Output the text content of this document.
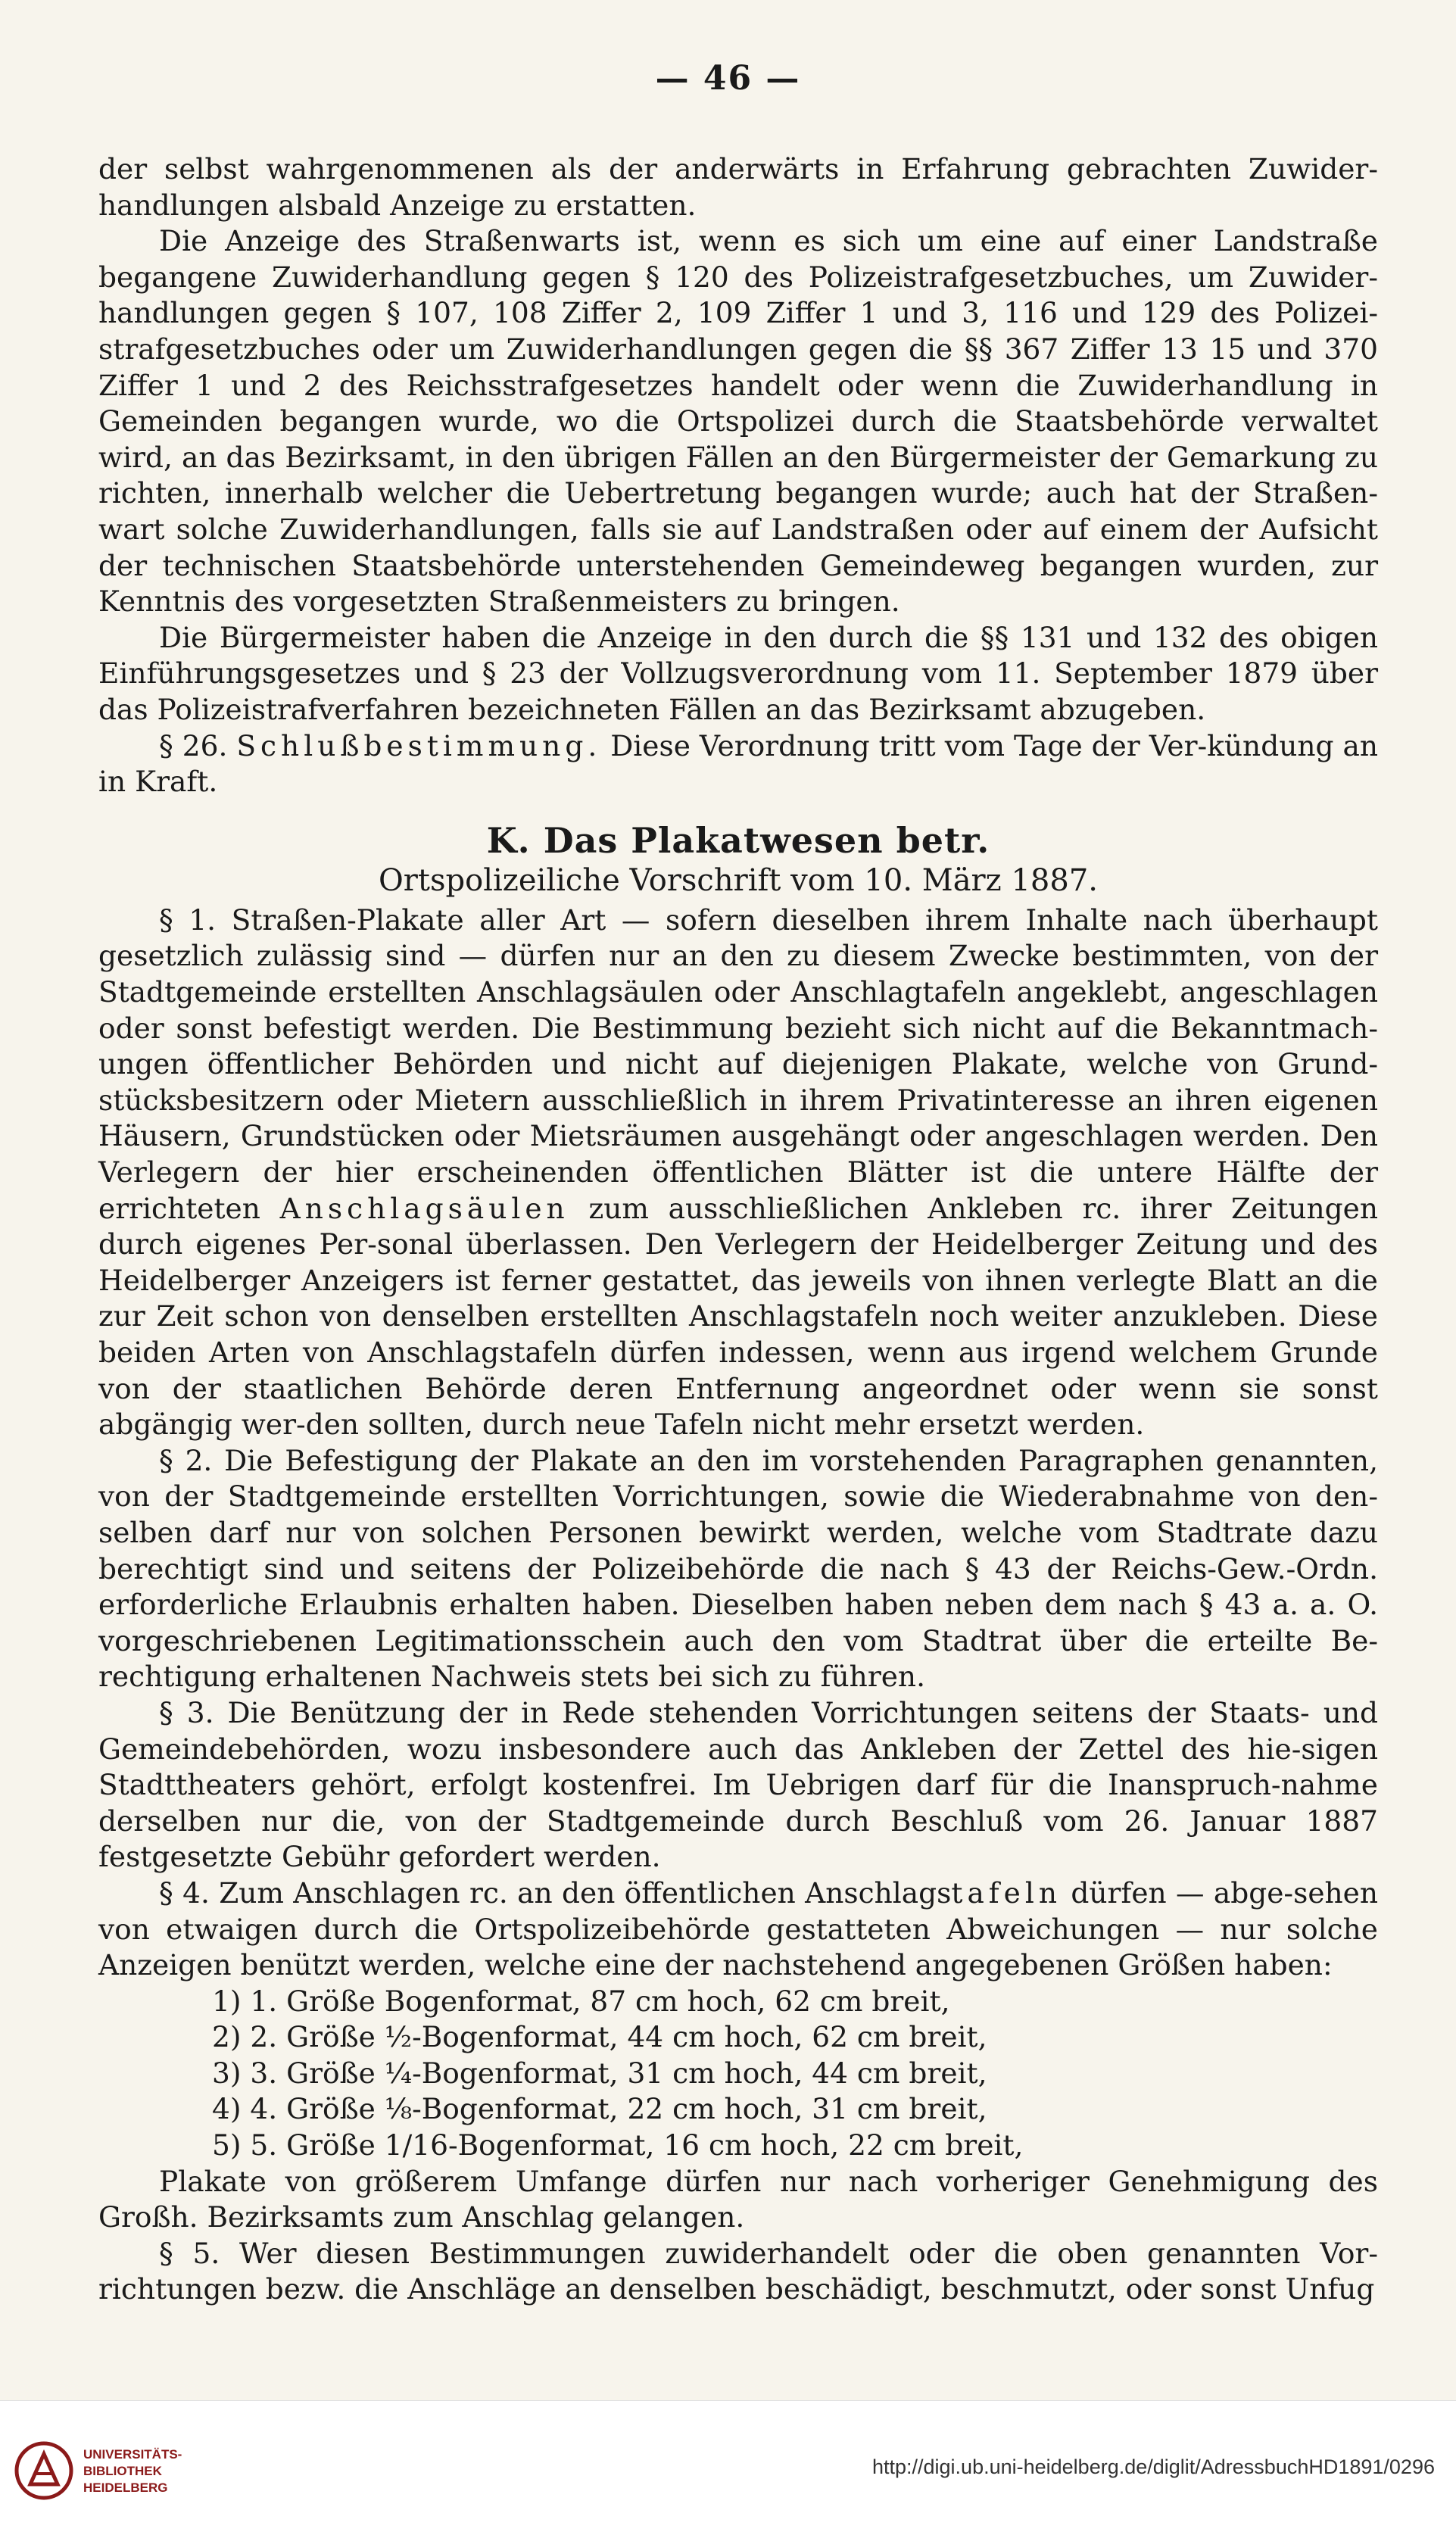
— 46 —

der selbst wahrgenommenen als der anderwärts in Erfahrung gebrachten Zuwider-handlungen alsbald Anzeige zu erstatten.

Die Anzeige des Straßenwarts ist, wenn es sich um eine auf einer Landstraße begangene Zuwiderhandlung gegen § 120 des Polizeistrafgesetzbuches, um Zuwider-handlungen gegen § 107, 108 Ziffer 2, 109 Ziffer 1 und 3, 116 und 129 des Polizei-strafgesetzbuches oder um Zuwiderhandlungen gegen die §§ 367 Ziffer 13 15 und 370 Ziffer 1 und 2 des Reichsstrafgesetzes handelt oder wenn die Zuwiderhandlung in Gemeinden begangen wurde, wo die Ortspolizei durch die Staatsbehörde verwaltet wird, an das Bezirksamt, in den übrigen Fällen an den Bürgermeister der Gemarkung zu richten, innerhalb welcher die Uebertretung begangen wurde; auch hat der Straßen-wart solche Zuwiderhandlungen, falls sie auf Landstraßen oder auf einem der Aufsicht der technischen Staatsbehörde unterstehenden Gemeindeweg begangen wurden, zur Kenntnis des vorgesetzten Straßenmeisters zu bringen.

Die Bürgermeister haben die Anzeige in den durch die §§ 131 und 132 des obigen Einführungsgesetzes und § 23 der Vollzugsverordnung vom 11. September 1879 über das Polizeistrafverfahren bezeichneten Fällen an das Bezirksamt abzugeben.

§ 26. Schlußbestimmung. Diese Verordnung tritt vom Tage der Ver-kündung an in Kraft.

K. Das Plakatwesen betr.

Ortspolizeiliche Vorschrift vom 10. März 1887.

§ 1. Straßen-Plakate aller Art — sofern dieselben ihrem Inhalte nach überhaupt gesetzlich zulässig sind — dürfen nur an den zu diesem Zwecke bestimmten, von der Stadtgemeinde erstellten Anschlagsäulen oder Anschlagtafeln angeklebt, angeschlagen oder sonst befestigt werden. Die Bestimmung bezieht sich nicht auf die Bekanntmach-ungen öffentlicher Behörden und nicht auf diejenigen Plakate, welche von Grund-stücksbesitzern oder Mietern ausschließlich in ihrem Privatinteresse an ihren eigenen Häusern, Grundstücken oder Mietsräumen ausgehängt oder angeschlagen werden. Den Verlegern der hier erscheinenden öffentlichen Blätter ist die untere Hälfte der errichteten Anschlagsäulen zum ausschließlichen Ankleben rc. ihrer Zeitungen durch eigenes Per-sonal überlassen. Den Verlegern der Heidelberger Zeitung und des Heidelberger Anzeigers ist ferner gestattet, das jeweils von ihnen verlegte Blatt an die zur Zeit schon von denselben erstellten Anschlagstafeln noch weiter anzukleben. Diese beiden Arten von Anschlagstafeln dürfen indessen, wenn aus irgend welchem Grunde von der staatlichen Behörde deren Entfernung angeordnet oder wenn sie sonst abgängig wer-den sollten, durch neue Tafeln nicht mehr ersetzt werden.

§ 2. Die Befestigung der Plakate an den im vorstehenden Paragraphen genannten, von der Stadtgemeinde erstellten Vorrichtungen, sowie die Wiederabnahme von den-selben darf nur von solchen Personen bewirkt werden, welche vom Stadtrate dazu berechtigt sind und seitens der Polizeibehörde die nach § 43 der Reichs-Gew.-Ordn. erforderliche Erlaubnis erhalten haben. Dieselben haben neben dem nach § 43 a. a. O. vorgeschriebenen Legitimationsschein auch den vom Stadtrat über die erteilte Be-rechtigung erhaltenen Nachweis stets bei sich zu führen.

§ 3. Die Benützung der in Rede stehenden Vorrichtungen seitens der Staats- und Gemeindebehörden, wozu insbesondere auch das Ankleben der Zettel des hie-sigen Stadttheaters gehört, erfolgt kostenfrei. Im Uebrigen darf für die Inanspruch-nahme derselben nur die, von der Stadtgemeinde durch Beschluß vom 26. Januar 1887 festgesetzte Gebühr gefordert werden.

§ 4. Zum Anschlagen rc. an den öffentlichen Anschlagstafeln dürfen — abge-sehen von etwaigen durch die Ortspolizeibehörde gestatteten Abweichungen — nur solche Anzeigen benützt werden, welche eine der nachstehend angegebenen Größen haben:

1) 1. Größe Bogenformat, 87 cm hoch, 62 cm breit,
2) 2. Größe ½-Bogenformat, 44 cm hoch, 62 cm breit,
3) 3. Größe ¼-Bogenformat, 31 cm hoch, 44 cm breit,
4) 4. Größe ⅛-Bogenformat, 22 cm hoch, 31 cm breit,
5) 5. Größe 1/16-Bogenformat, 16 cm hoch, 22 cm breit,

Plakate von größerem Umfange dürfen nur nach vorheriger Genehmigung des Großh. Bezirksamts zum Anschlag gelangen.

§ 5. Wer diesen Bestimmungen zuwiderhandelt oder die oben genannten Vor-richtungen bezw. die Anschläge an denselben beschädigt, beschmutzt, oder sonst Unfug

UNIVERSITÄTS-
BIBLIOTHEK
HEIDELBERG
http://digi.ub.uni-heidelberg.de/diglit/AdressbuchHD1891/0296
